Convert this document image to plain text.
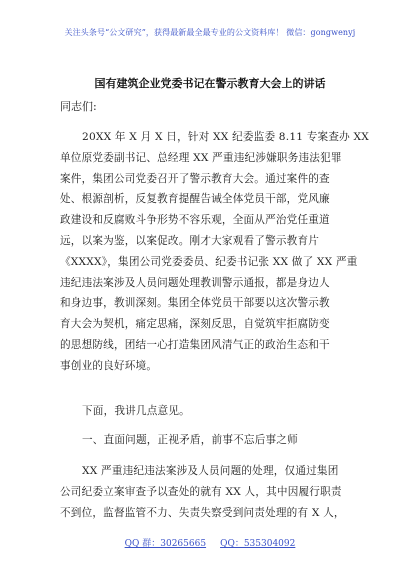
关注头条号“公文研究”，获得最新最全最专业的公文资料库！ 微信：gongwenyj
国有建筑企业党委书记在警示教育大会上的讲话
同志们:
20XX 年 X 月 X 日，针对 XX 纪委监委 8.11 专案查办 XX
单位原党委副书记、总经理 XX 严重违纪涉嫌职务违法犯罪
案件，集团公司党委召开了警示教育大会。通过案件的查
处、根源剖析，反复教育提醒告诫全体党员干部，党风廉
政建设和反腐败斗争形势不容乐观，全面从严治党任重道
远，以案为鉴，以案促改。刚才大家观看了警示教育片
《XXXX》，集团公司党委委员、纪委书记张 XX 做了 XX 严重
违纪违法案涉及人员问题处理教训警示通报，都是身边人
和身边事，教训深刻。集团全体党员干部要以这次警示教
育大会为契机，痛定思痛，深刻反思，自觉筑牢拒腐防变
的思想防线，团结一心打造集团风清气正的政治生态和干
事创业的良好环境。
下面，我讲几点意见。
一、直面问题，正视矛盾，前事不忘后事之师
XX 严重违纪违法案涉及人员问题的处理，仅通过集团
公司纪委立案审查予以查处的就有 XX 人，其中因履行职责
不到位，监督监管不力、失责失察受到问责处理的有 X 人，
QQ 群：30265665 QQ：535304092
